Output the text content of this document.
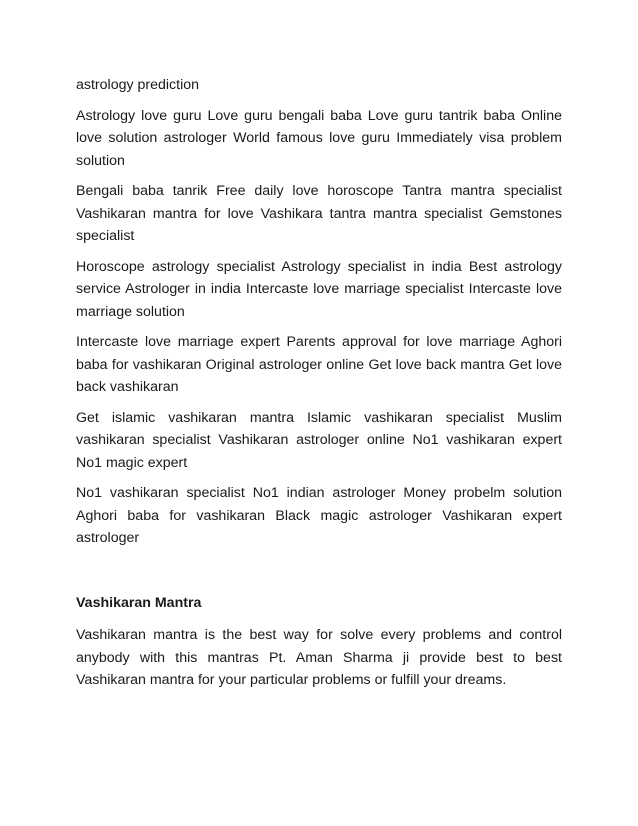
astrology prediction

Astrology love guru Love guru bengali baba Love guru tantrik baba Online love solution astrologer World famous love guru Immediately visa problem solution

Bengali baba tanrik Free daily love horoscope Tantra mantra specialist Vashikaran mantra for love Vashikara tantra mantra specialist Gemstones specialist

Horoscope astrology specialist Astrology specialist in india Best astrology service Astrologer in india Intercaste love marriage specialist Intercaste love marriage solution

Intercaste love marriage expert Parents approval for love marriage Aghori baba for vashikaran Original astrologer online Get love back mantra Get love back vashikaran

Get islamic vashikaran mantra Islamic vashikaran specialist Muslim vashikaran specialist Vashikaran astrologer online No1 vashikaran expert No1 magic expert

No1 vashikaran specialist No1 indian astrologer Money probelm solution Aghori baba for vashikaran Black magic astrologer Vashikaran expert astrologer

Vashikaran Mantra

Vashikaran mantra is the best way for solve every problems and control anybody with this mantras Pt. Aman Sharma ji provide best to best Vashikaran mantra for your particular problems or fulfill your dreams.
